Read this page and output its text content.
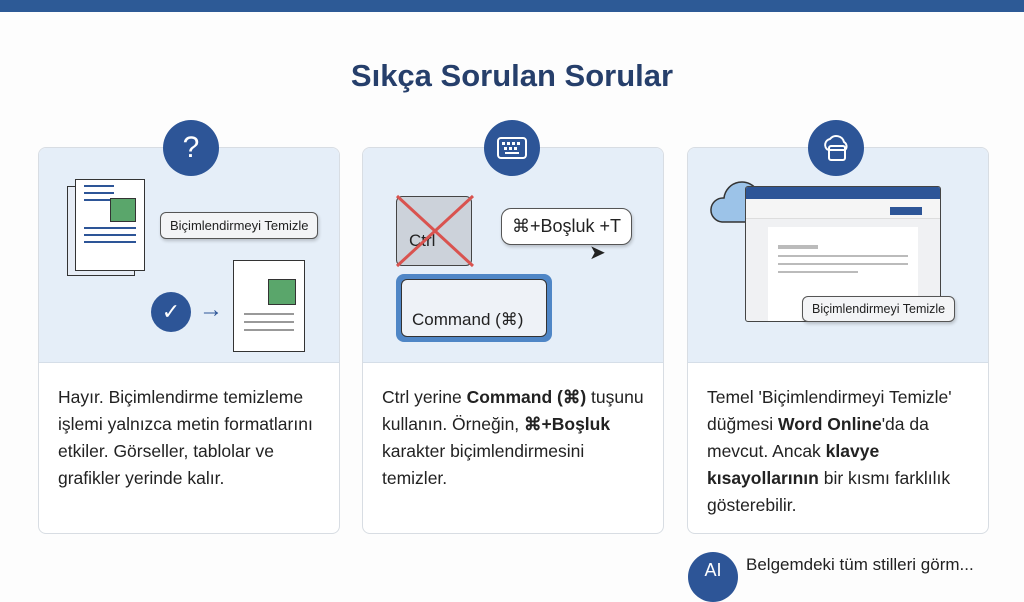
Sıkça Sorulan Sorular
?
Biçimlendirmeyi Temizle
✓ →

Hayır. Biçimlendirme temizleme işlemi yalnızca metin formatlarını etkiler. Görseller, tablolar ve grafikler yerinde kalır.

Ctrl
⌘+Boşluk +T
➤
Command (⌘)

Ctrl yerine Command (⌘) tuşunu kullanın. Örneğin, ⌘+Boşluk karakter biçimlendirmesini temizler.

Biçimlendirmeyi Temizle

Temel 'Biçimlendirmeyi Temizle' düğmesi Word Online'da da mevcut. Ancak klavye kısayollarının bir kısmı farklılık gösterebilir.

AI	Belgemdeki tüm stilleri görm...
